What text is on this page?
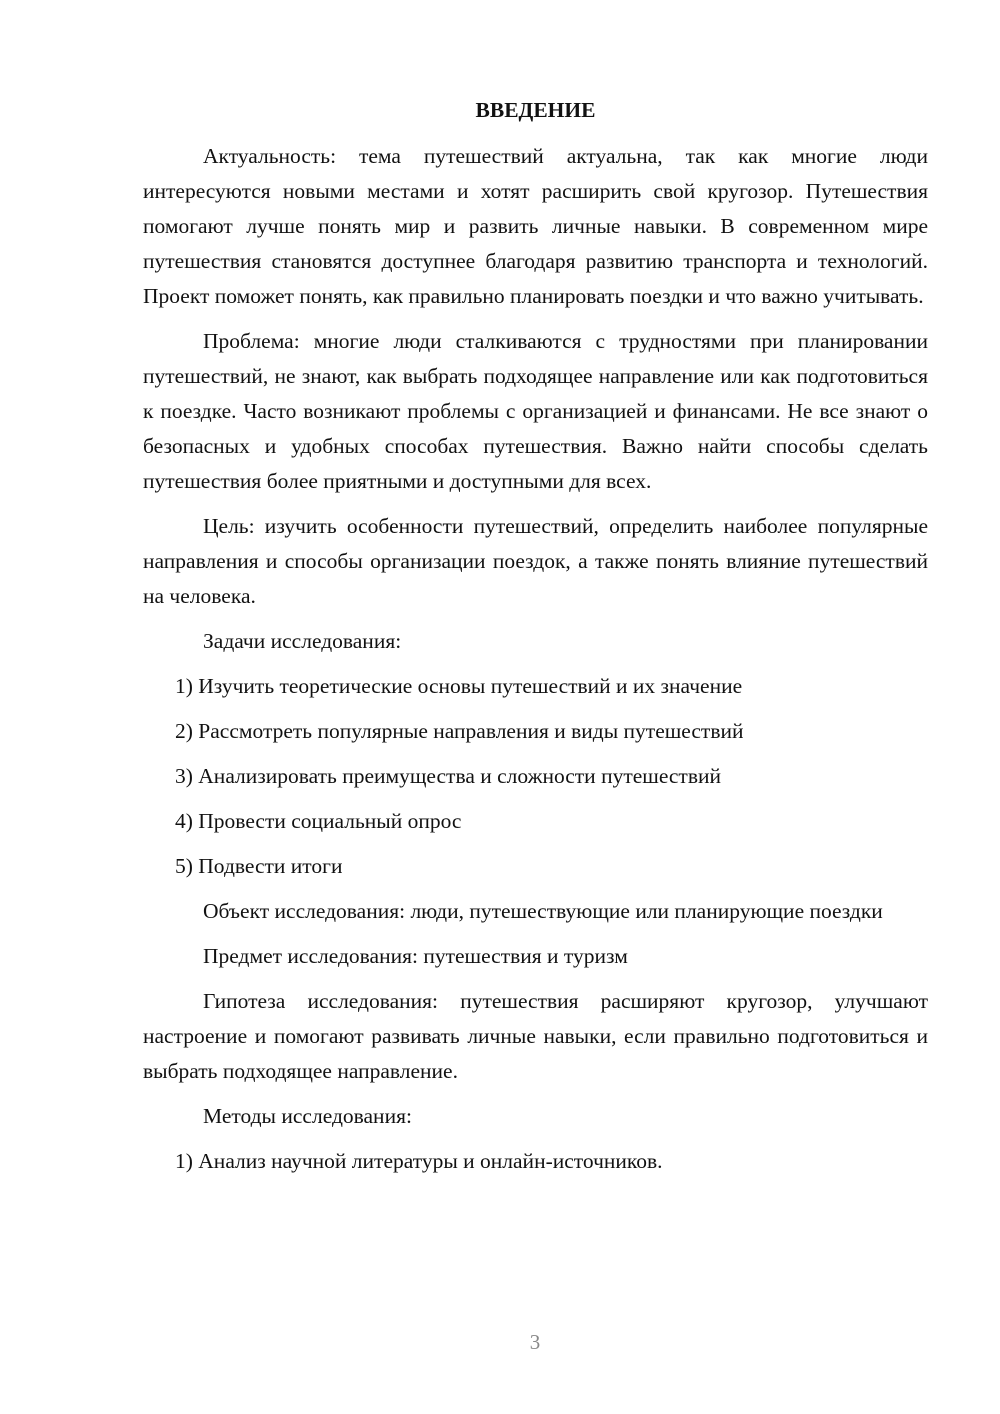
ВВЕДЕНИЕ

Актуальность: тема путешествий актуальна, так как многие люди интересуются новыми местами и хотят расширить свой кругозор. Путешествия помогают лучше понять мир и развить личные навыки. В современном мире путешествия становятся доступнее благодаря развитию транспорта и технологий. Проект поможет понять, как правильно планировать поездки и что важно учитывать.

Проблема: многие люди сталкиваются с трудностями при планировании путешествий, не знают, как выбрать подходящее направление или как подготовиться к поездке. Часто возникают проблемы с организацией и финансами. Не все знают о безопасных и удобных способах путешествия. Важно найти способы сделать путешествия более приятными и доступными для всех.

Цель: изучить особенности путешествий, определить наиболее популярные направления и способы организации поездок, а также понять влияние путешествий на человека.

Задачи исследования:

1) Изучить теоретические основы путешествий и их значение

2) Рассмотреть популярные направления и виды путешествий

3) Анализировать преимущества и сложности путешествий

4) Провести социальный опрос

5) Подвести итоги

Объект исследования: люди, путешествующие или планирующие поездки

Предмет исследования: путешествия и туризм

Гипотеза исследования: путешествия расширяют кругозор, улучшают настроение и помогают развивать личные навыки, если правильно подготовиться и выбрать подходящее направление.

Методы исследования:

1) Анализ научной литературы и онлайн-источников.

3
